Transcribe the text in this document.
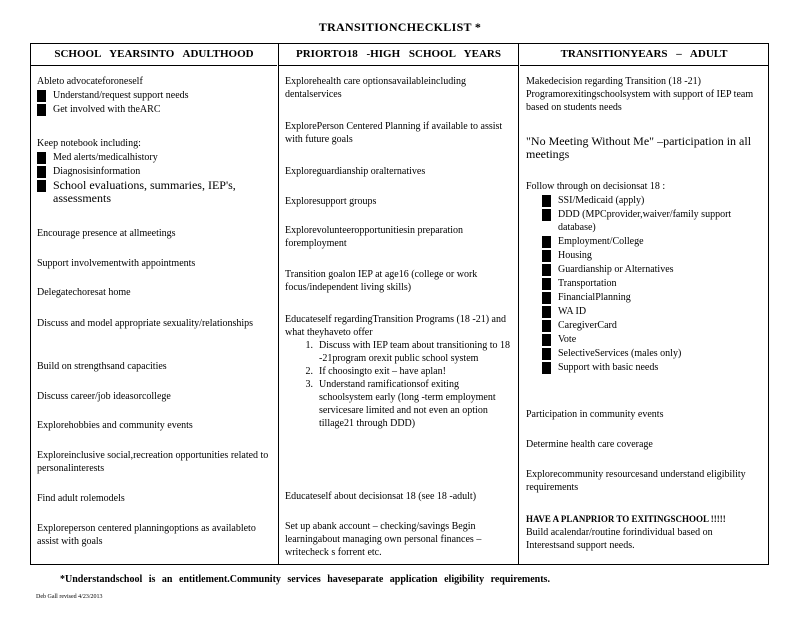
TRANSITIONCHECKLIST *
SCHOOL YEARSINTO ADULTHOOD
Ableto advocateforoneself
Understand/request support needs
Get involved with theARC
Keep notebook including:
Med alerts/medicalhistory
Diagnosisinformation
School evaluations, summaries, IEP's, assessments
Encourage presence at allmeetings
Support involvementwith appointments
Delegatechoresat home
Discuss and model appropriate sexuality/relationships
Build on strengthsand capacities
Discuss career/job ideasorcollege
Explorehobbies and community events
Exploreinclusive social,recreation opportunities related to personalinterests
Find adult rolemodels
Exploreperson centered planningoptions as availableto assist with goals
PRIORTO18 -HIGH SCHOOL YEARS
Explorehealth care optionsavailableincluding dentalservices
ExplorePerson Centered Planning if available to assist with future goals
Exploreguardianship oralternatives
Exploresupport groups
Explorevolunteeropportunitiesin preparation foremployment
Transition goalon IEP at age16 (college or work focus/independent living skills)
Educateself regardingTransition Programs (18 -21) and what theyhaveto offer
1. Discuss with IEP team about transitioning to 18 -21program orexit public school system
2. If choosingto exit – have aplan!
3. Understand ramificationsof exiting schoolsystem early (long -term employment servicesare limited and not even an option tillage21 through DDD)
Educateself about decisionsat 18 (see 18 -adult)
Set up abank account – checking/savings Begin learningabout managing own personal finances – writecheck s forrent etc.
TRANSITIONYEARS – ADULT
Makedecision regarding Transition (18 -21) Programorexitingschoolsystem with support of IEP team based on students needs
"No Meeting Without Me" –participation in all meetings
Follow through on decisionsat 18 :
SSI/Medicaid (apply)
DDD (MPCprovider,waiver/family support database)
Employment/College
Housing
Guardianship or Alternatives
Transportation
FinancialPlanning
WA ID
CaregiverCard
Vote
SelectiveServices (males only)
Support with basic needs
Participation in community events
Determine health care coverage
Explorecommunity resourcesand understand eligibility requirements
HAVE A PLANPRIOR TO EXITINGSCHOOL !!!!!
Build acalendar/routine forindividual based on Interestsand support needs.
*Understandschool is an entitlement.Community services haveseparate application eligibility requirements.
Deb Gall revised 4/23/2013
